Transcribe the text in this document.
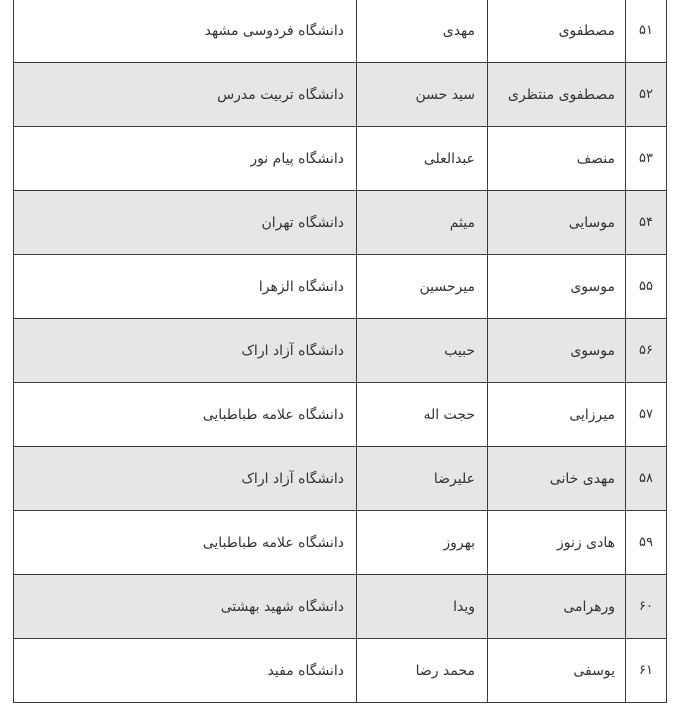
۵۱	مصطفوی	مهدی	دانشگاه فردوسی مشهد
۵۲	مصطفوی منتظری	سید حسن	دانشگاه تربیت مدرس
۵۳	منصف	عبدالعلی	دانشگاه پیام نور
۵۴	موسایی	میثم	دانشگاه تهران
۵۵	موسوی	میرحسین	دانشگاه الزهرا
۵۶	موسوی	حبیب	دانشگاه آزاد اراک
۵۷	میرزایی	حجت اله	دانشگاه علامه طباطبایی
۵۸	مهدی خانی	علیرضا	دانشگاه آزاد اراک
۵۹	هادی زنوز	بهروز	دانشگاه علامه طباطبایی
۶۰	ورهرامی	ویدا	دانشگاه شهید بهشتی
۶۱	یوسفی	محمد رضا	دانشگاه مفید
